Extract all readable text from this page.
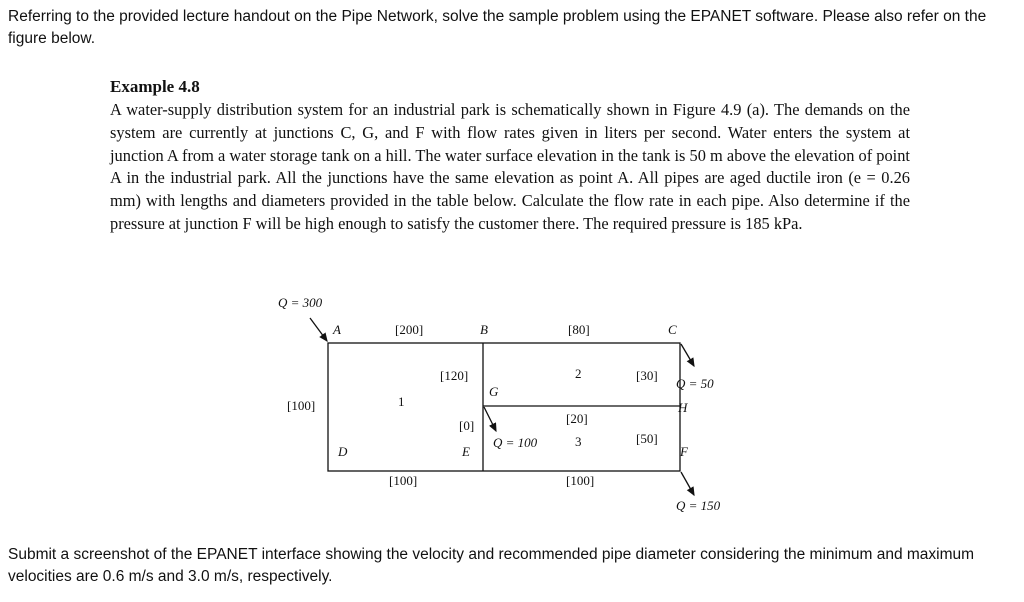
Referring to the provided lecture handout on the Pipe Network, solve the sample problem using the EPANET software. Please also refer on the figure below.

Example 4.8

A water-supply distribution system for an industrial park is schematically shown in Figure 4.9 (a). The demands on the system are currently at junctions C, G, and F with flow rates given in liters per second. Water enters the system at junction A from a water storage tank on a hill. The water surface elevation in the tank is 50 m above the elevation of point A in the industrial park. All the junctions have the same elevation as point A. All pipes are aged ductile iron (e = 0.26 mm) with lengths and diameters provided in the table below. Calculate the flow rate in each pipe. Also determine if the pressure at junction F will be high enough to satisfy the customer there. The required pressure is 185 kPa.

Q = 300
Q = 50
Q = 100
Q = 150
A	B	C
D	E
G
H
F
[200]	[80]
[100]
[120]	[30]
[0]	[20]
[50]
[100]	[100]
1
2
3
Submit a screenshot of the EPANET interface showing the velocity and recommended pipe diameter considering the minimum and maximum velocities are 0.6 m/s and 3.0 m/s, respectively.
